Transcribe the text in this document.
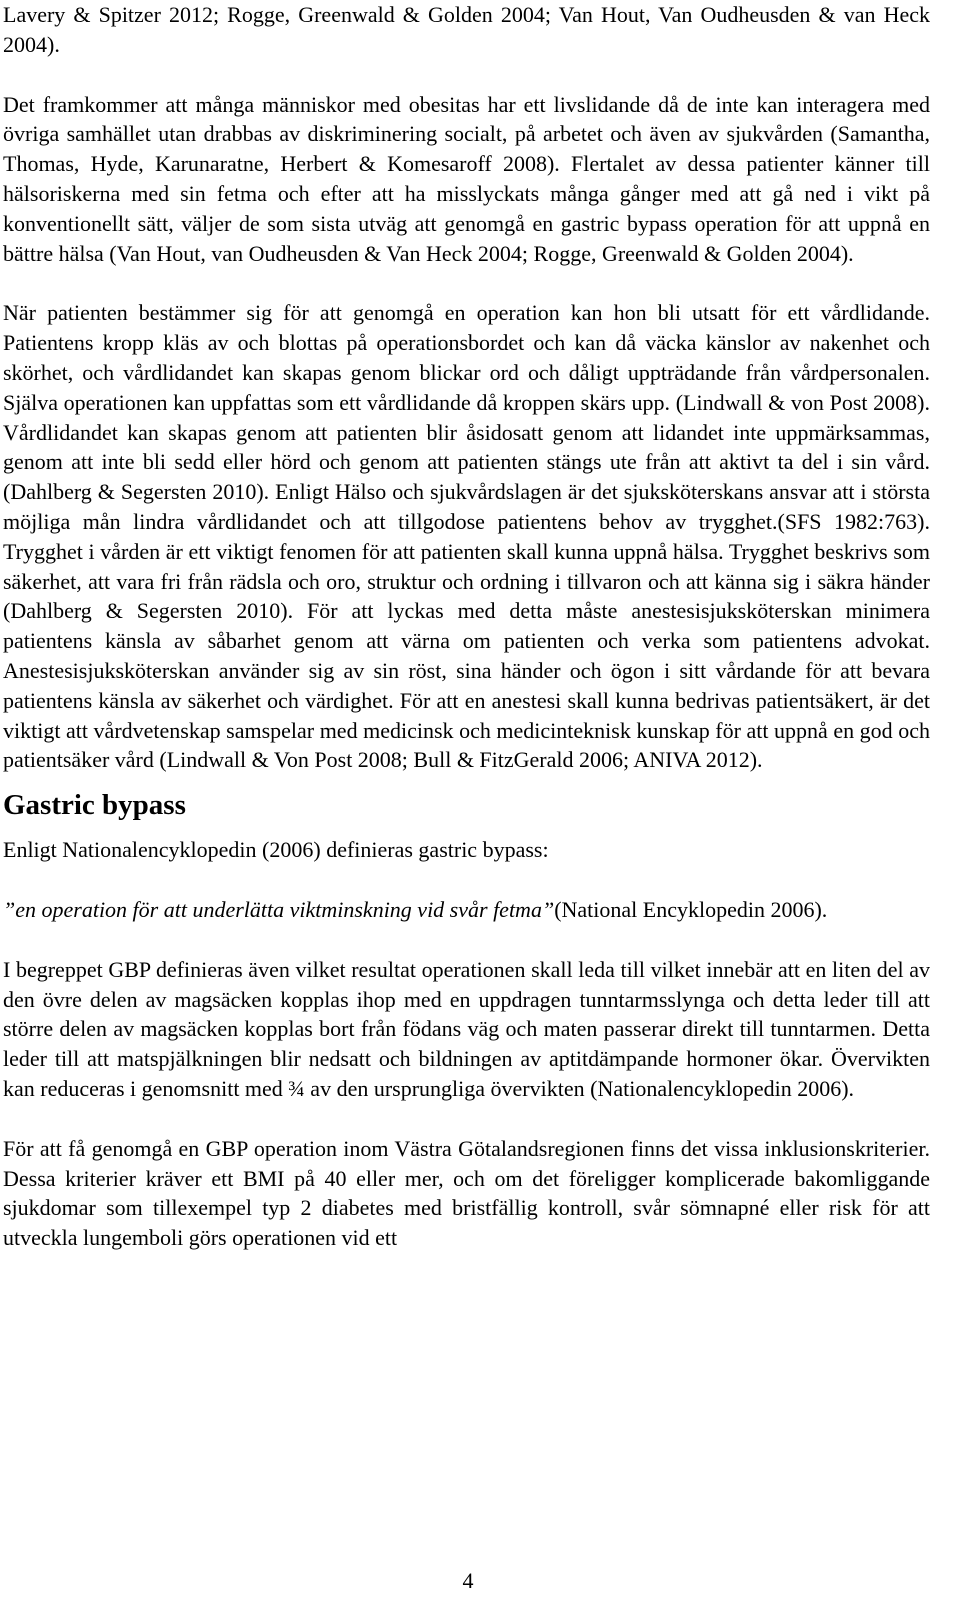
Lavery & Spitzer 2012; Rogge, Greenwald & Golden 2004; Van Hout, Van Oudheusden & van Heck 2004).

Det framkommer att många människor med obesitas har ett livslidande då de inte kan interagera med övriga samhället utan drabbas av diskriminering socialt, på arbetet och även av sjukvården (Samantha, Thomas, Hyde, Karunaratne, Herbert & Komesaroff 2008). Flertalet av dessa patienter känner till hälsoriskerna med sin fetma och efter att ha misslyckats många gånger med att gå ned i vikt på konventionellt sätt, väljer de som sista utväg att genomgå en gastric bypass operation för att uppnå en bättre hälsa (Van Hout, van Oudheusden & Van Heck 2004; Rogge, Greenwald & Golden 2004).

När patienten bestämmer sig för att genomgå en operation kan hon bli utsatt för ett vårdlidande. Patientens kropp kläs av och blottas på operationsbordet och kan då väcka känslor av nakenhet och skörhet, och vårdlidandet kan skapas genom blickar ord och dåligt uppträdande från vårdpersonalen. Själva operationen kan uppfattas som ett vårdlidande då kroppen skärs upp. (Lindwall & von Post 2008). Vårdlidandet kan skapas genom att patienten blir åsidosatt genom att lidandet inte uppmärksammas, genom att inte bli sedd eller hörd och genom att patienten stängs ute från att aktivt ta del i sin vård. (Dahlberg & Segersten 2010). Enligt Hälso och sjukvårdslagen är det sjuksköterskans ansvar att i största möjliga mån lindra vårdlidandet och att tillgodose patientens behov av trygghet.(SFS 1982:763). Trygghet i vården är ett viktigt fenomen för att patienten skall kunna uppnå hälsa. Trygghet beskrivs som säkerhet, att vara fri från rädsla och oro, struktur och ordning i tillvaron och att känna sig i säkra händer (Dahlberg & Segersten 2010). För att lyckas med detta måste anestesisjuksköterskan minimera patientens känsla av såbarhet genom att värna om patienten och verka som patientens advokat. Anestesisjuksköterskan använder sig av sin röst, sina händer och ögon i sitt vårdande för att bevara patientens känsla av säkerhet och värdighet. För att en anestesi skall kunna bedrivas patientsäkert, är det viktigt att vårdvetenskap samspelar med medicinsk och medicinteknisk kunskap för att uppnå en god och patientsäker vård (Lindwall & Von Post 2008; Bull & FitzGerald 2006; ANIVA 2012).

Gastric bypass

Enligt Nationalencyklopedin (2006) definieras gastric bypass:

”en operation för att underlätta viktminskning vid svår fetma”(National Encyklopedin 2006).

I begreppet GBP definieras även vilket resultat operationen skall leda till vilket innebär att en liten del av den övre delen av magsäcken kopplas ihop med en uppdragen tunntarmsslynga och detta leder till att större delen av magsäcken kopplas bort från födans väg och maten passerar direkt till tunntarmen. Detta leder till att matspjälkningen blir nedsatt och bildningen av aptitdämpande hormoner ökar. Övervikten kan reduceras i genomsnitt med ¾ av den ursprungliga övervikten (Nationalencyklopedin 2006).

För att få genomgå en GBP operation inom Västra Götalandsregionen finns det vissa inklusionskriterier. Dessa kriterier kräver ett BMI på 40 eller mer, och om det föreligger komplicerade bakomliggande sjukdomar som tillexempel typ 2 diabetes med bristfällig kontroll, svår sömnapné eller risk för att utveckla lungemboli görs operationen vid ett

4
